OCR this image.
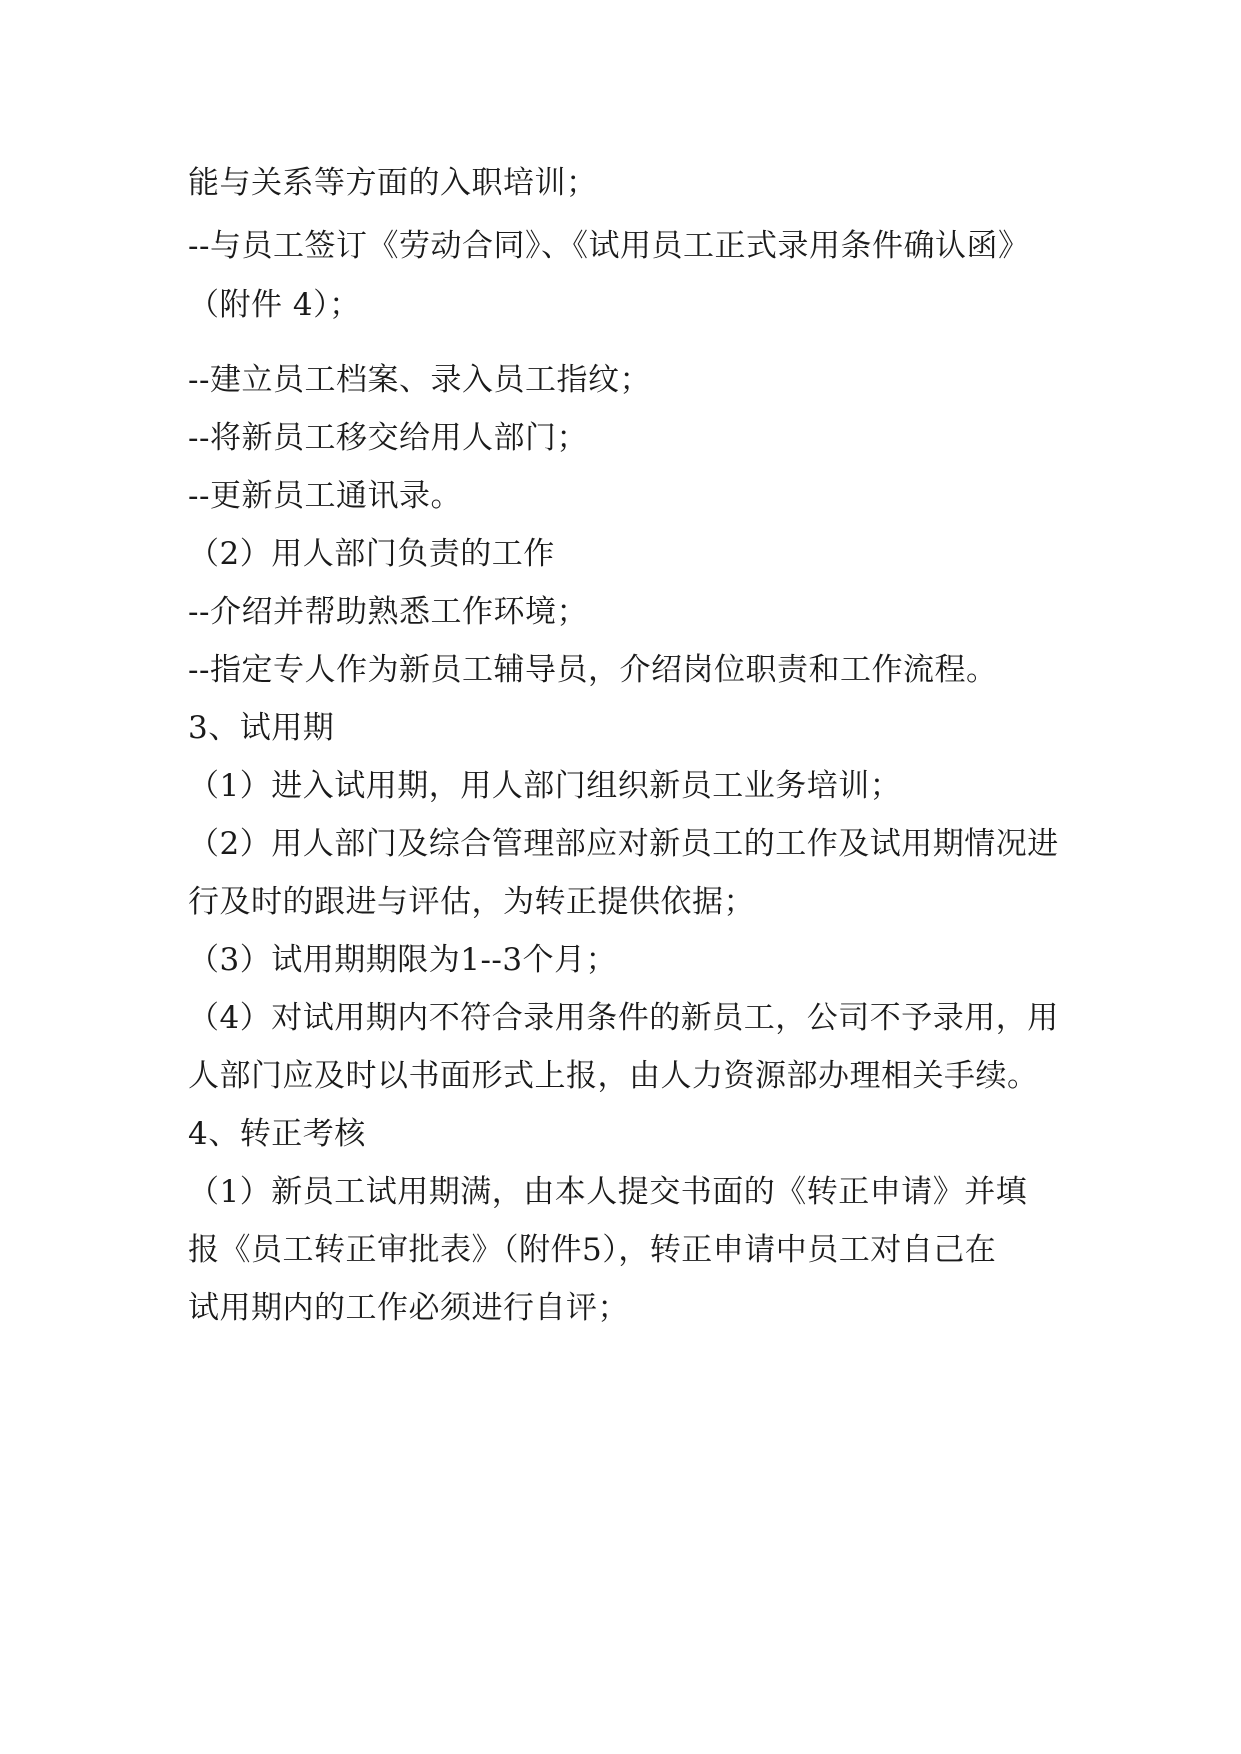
能与关系等方面的入职培训；
--与员工签订《劳动合同》、《试用员工正式录用条件确认函》
（附件 4）；
--建立员工档案、录入员工指纹；
--将新员工移交给用人部门；
--更新员工通讯录。
（2）用人部门负责的工作
--介绍并帮助熟悉工作环境；
--指定专人作为新员工辅导员，介绍岗位职责和工作流程。
3、试用期
（1）进入试用期，用人部门组织新员工业务培训；
（2）用人部门及综合管理部应对新员工的工作及试用期情况进
行及时的跟进与评估，为转正提供依据；
（3）试用期期限为1--3个月；
（4）对试用期内不符合录用条件的新员工，公司不予录用，用
人部门应及时以书面形式上报，由人力资源部办理相关手续。
4、转正考核
（1）新员工试用期满，由本人提交书面的《转正申请》并填
报《员工转正审批表》（附件5），转正申请中员工对自己在
试用期内的工作必须进行自评；
